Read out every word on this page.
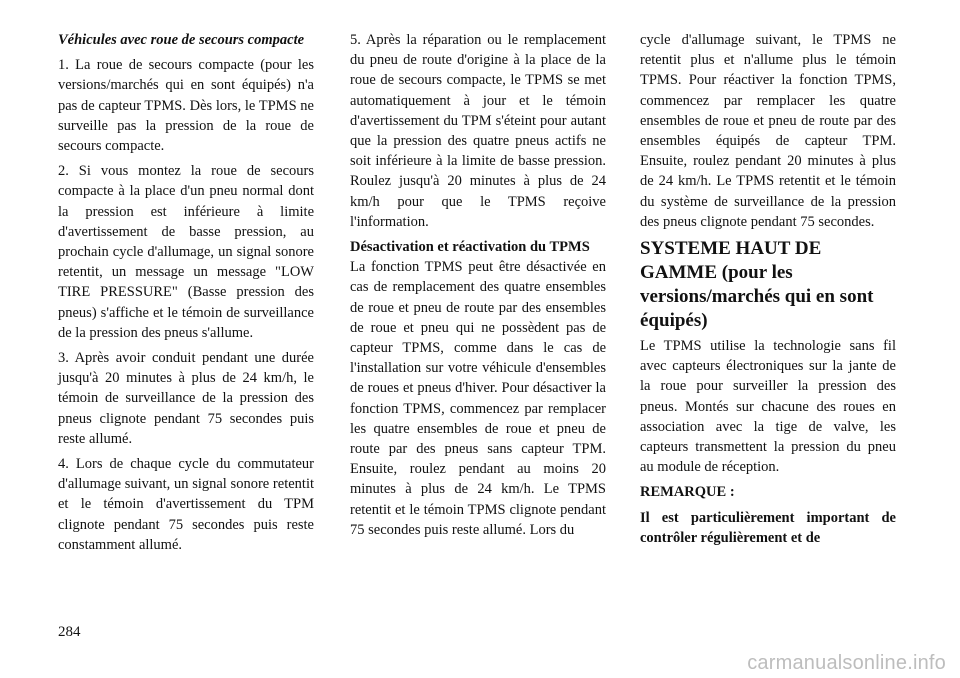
Véhicules avec roue de secours compacte

1. La roue de secours compacte (pour les versions/marchés qui en sont équipés) n'a pas de capteur TPMS. Dès lors, le TPMS ne surveille pas la pression de la roue de secours compacte.

2. Si vous montez la roue de secours compacte à la place d'un pneu normal dont la pression est inférieure à limite d'avertissement de basse pression, au prochain cycle d'allumage, un signal sonore retentit, un message un message "LOW TIRE PRESSURE" (Basse pression des pneus) s'affiche et le témoin de surveillance de la pression des pneus s'allume.

3. Après avoir conduit pendant une durée jusqu'à 20 minutes à plus de 24 km/h, le témoin de surveillance de la pression des pneus clignote pendant 75 secondes puis reste allumé.

4. Lors de chaque cycle du commutateur d'allumage suivant, un signal sonore retentit et le témoin d'avertissement du TPM clignote pendant 75 secondes puis reste constamment allumé.

5. Après la réparation ou le remplacement du pneu de route d'origine à la place de la roue de secours compacte, le TPMS se met automatiquement à jour et le témoin d'avertissement du TPM s'éteint pour autant que la pression des quatre pneus actifs ne soit inférieure à la limite de basse pression. Roulez jusqu'à 20 minutes à plus de 24 km/h pour que le TPMS reçoive l'information.

Désactivation et réactivation du TPMS

La fonction TPMS peut être désactivée en cas de remplacement des quatre ensembles de roue et pneu de route par des ensembles de roue et pneu qui ne possèdent pas de capteur TPMS, comme dans le cas de l'installation sur votre véhicule d'ensembles de roues et pneus d'hiver. Pour désactiver la fonction TPMS, commencez par remplacer les quatre ensembles de roue et pneu de route par des pneus sans capteur TPM. Ensuite, roulez pendant au moins 20 minutes à plus de 24 km/h. Le TPMS retentit et le témoin TPMS clignote pendant 75 secondes puis reste allumé. Lors du

cycle d'allumage suivant, le TPMS ne retentit plus et n'allume plus le témoin TPMS. Pour réactiver la fonction TPMS, commencez par remplacer les quatre ensembles de roue et pneu de route par des ensembles équipés de capteur TPM. Ensuite, roulez pendant 20 minutes à plus de 24 km/h. Le TPMS retentit et le témoin du système de surveillance de la pression des pneus clignote pendant 75 secondes.

SYSTEME HAUT DE GAMME (pour les versions/marchés qui en sont équipés)

Le TPMS utilise la technologie sans fil avec capteurs électroniques sur la jante de la roue pour surveiller la pression des pneus. Montés sur chacune des roues en association avec la tige de valve, les capteurs transmettent la pression du pneu au module de réception.

REMARQUE :

Il est particulièrement important de contrôler régulièrement et de

284
carmanualsonline.info
